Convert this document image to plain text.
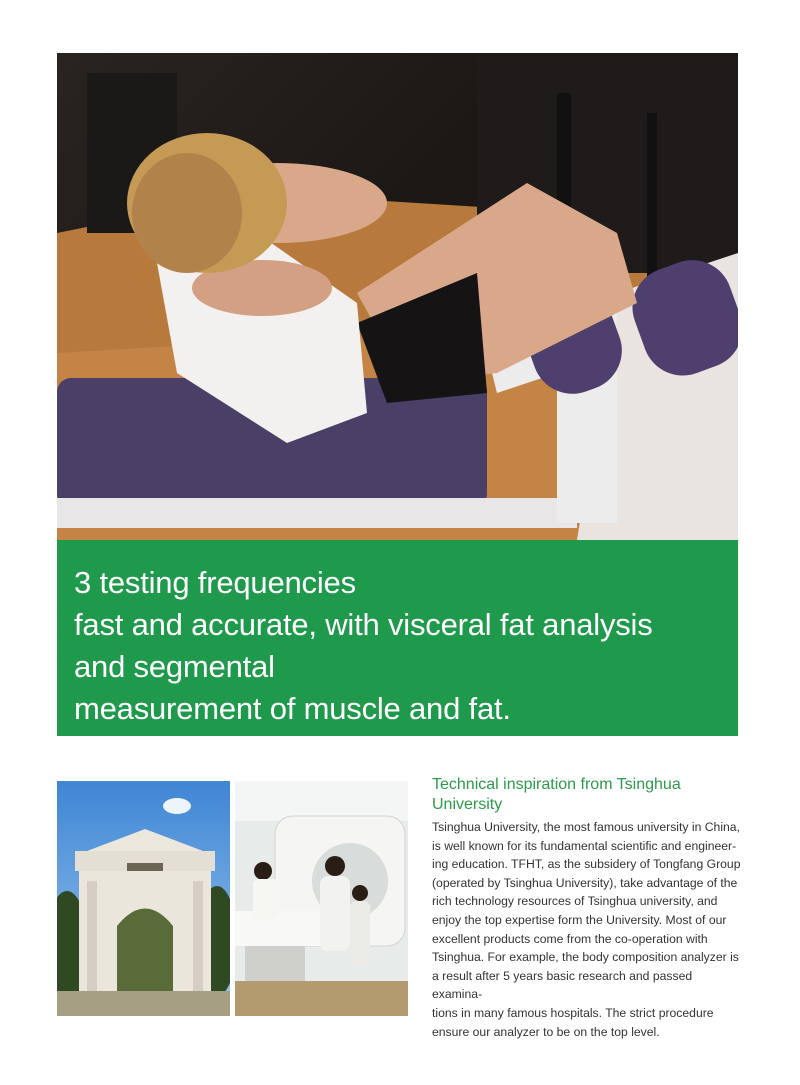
3 testing frequencies
fast and accurate, with visceral fat analysis
and segmental
measurement of muscle and fat.
Technical inspiration from Tsinghua
University
Tsinghua University, the most famous university in China,
is well known for its fundamental scientific and engineer-
ing education. TFHT, as the subsidery of Tongfang Group
(operated by Tsinghua University), take advantage of the
rich technology resources of Tsinghua university, and
enjoy the top expertise form the University. Most of our
excellent products come from the co-operation with
Tsinghua. For example, the body composition analyzer is
a result after 5 years basic research and passed examina-
tions in many famous hospitals. The strict procedure
ensure our analyzer to be on the top level.
